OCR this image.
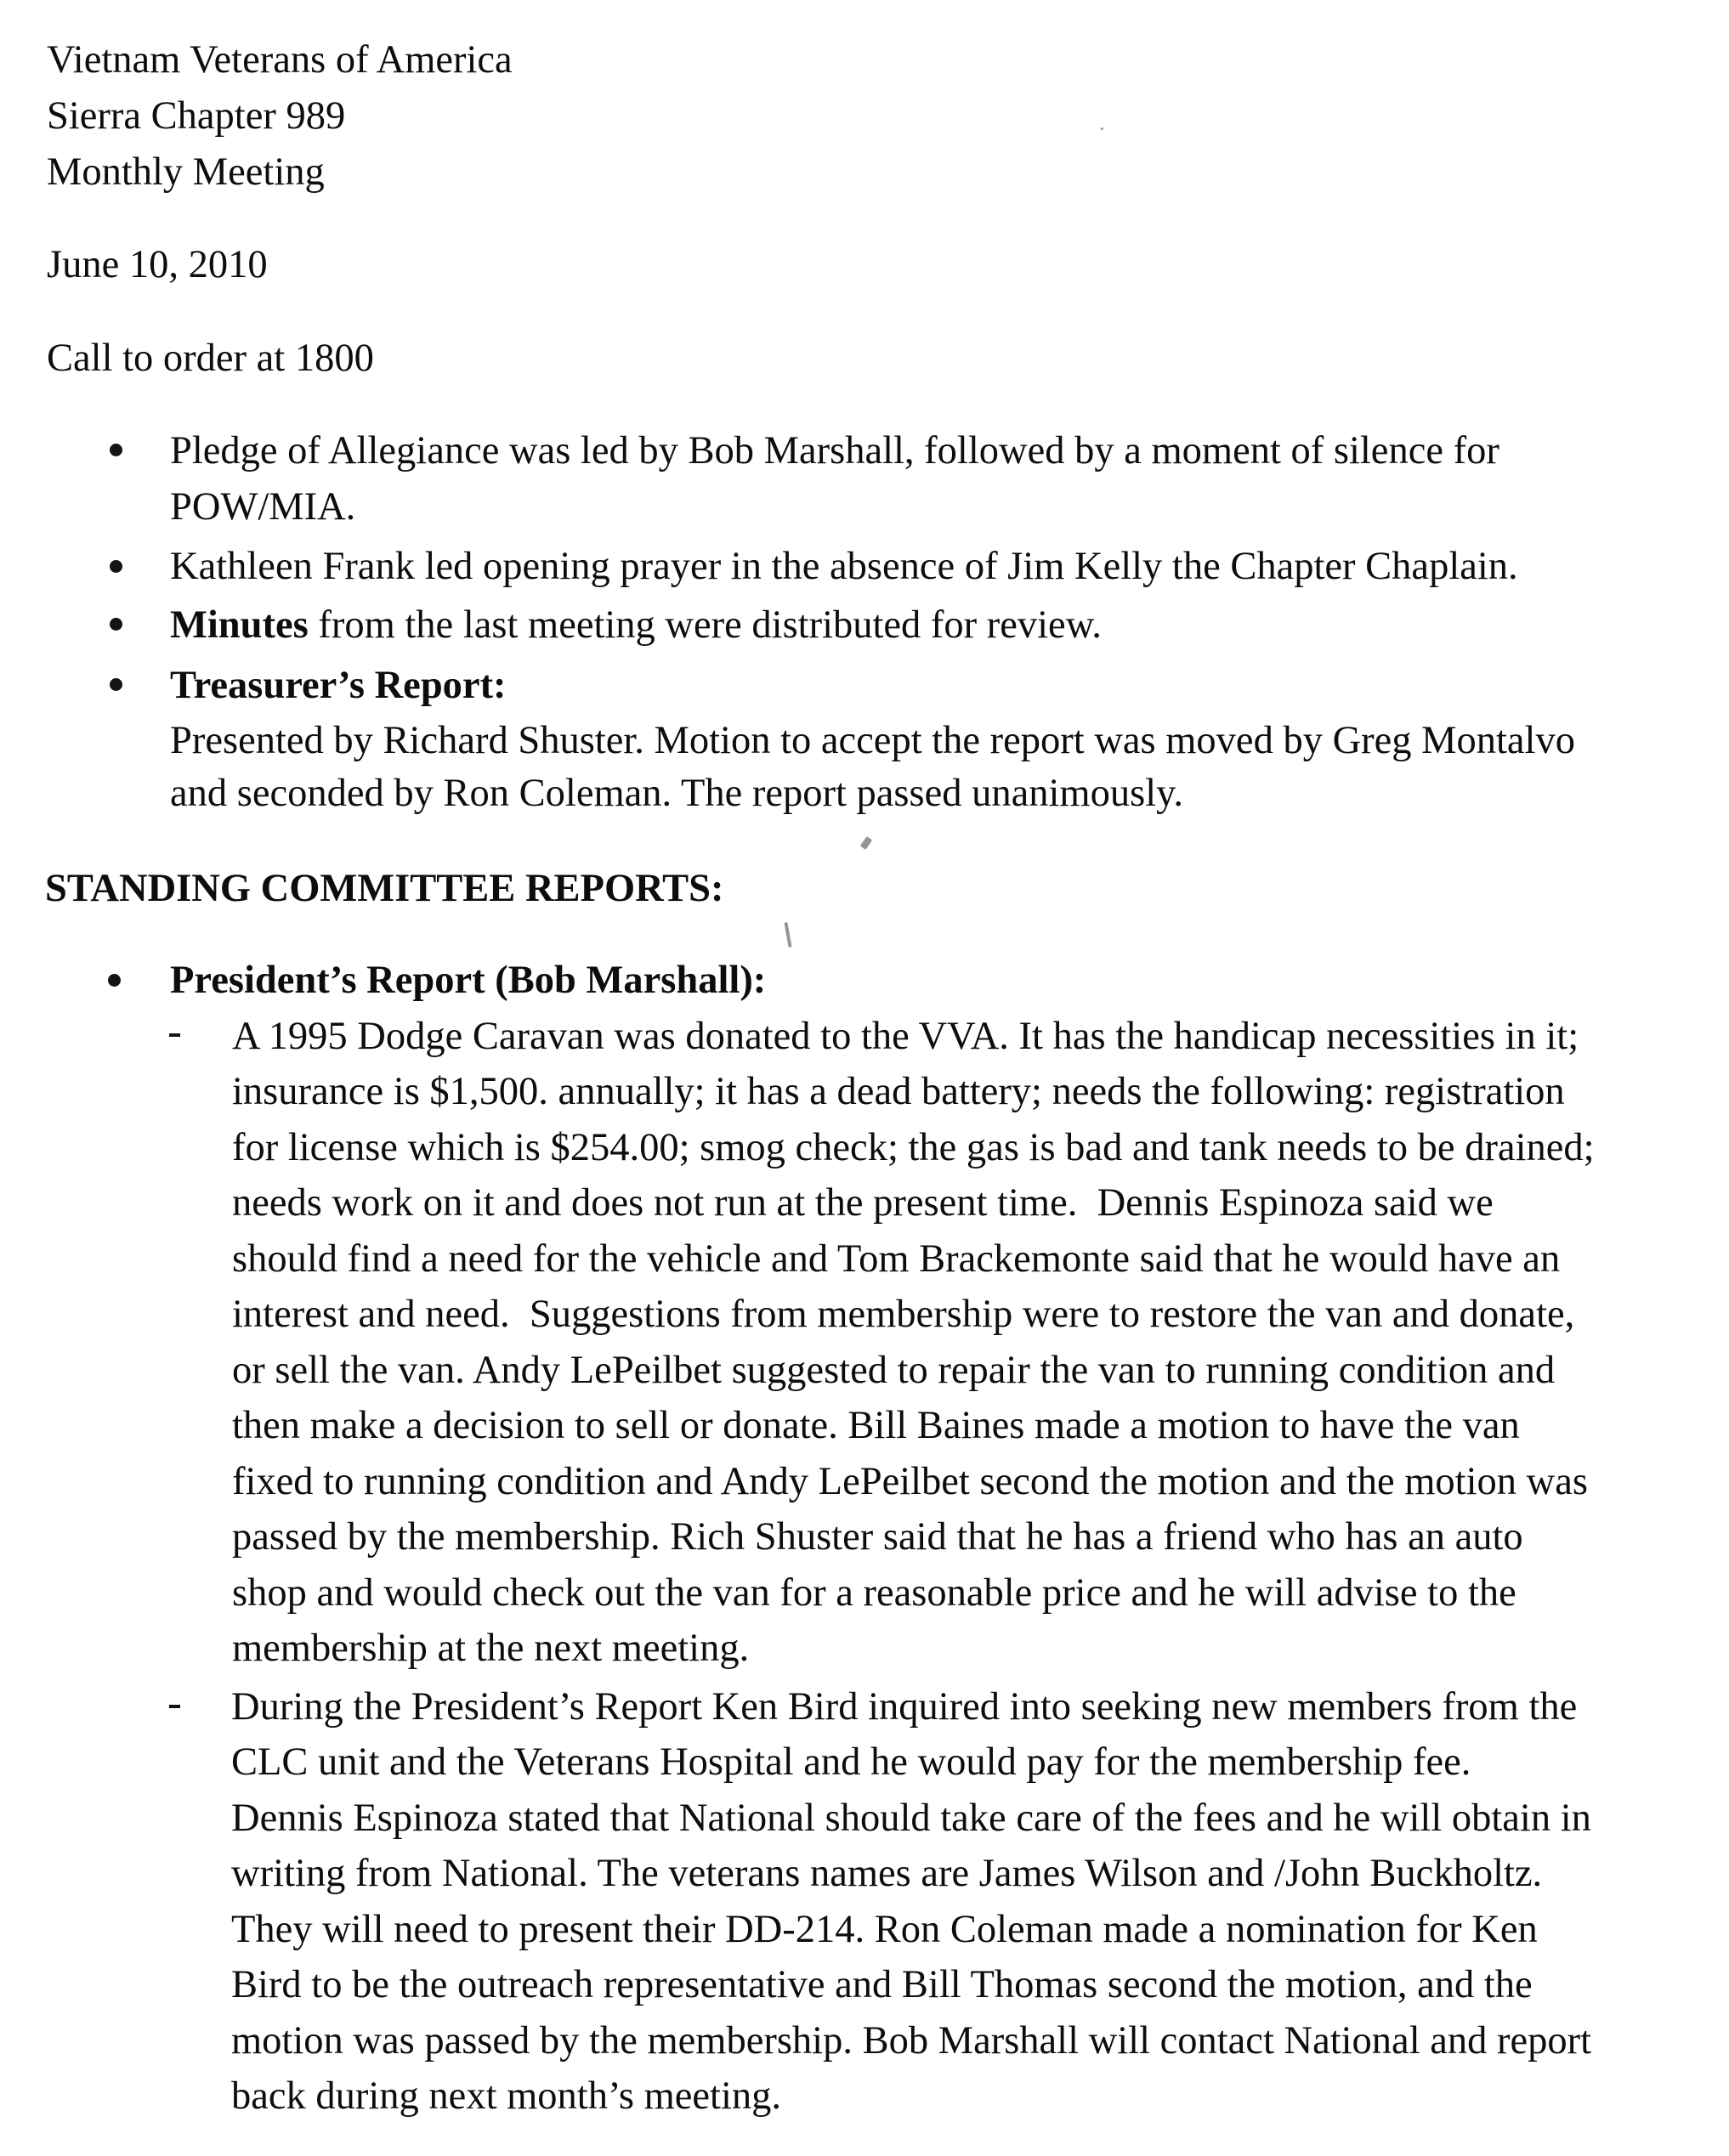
Vietnam Veterans of America
Sierra Chapter 989
Monthly Meeting
June 10, 2010
Call to order at 1800
Pledge of Allegiance was led by Bob Marshall, followed by a moment of silence for
POW/MIA.
Kathleen Frank led opening prayer in the absence of Jim Kelly the Chapter Chaplain.
Minutes from the last meeting were distributed for review.
Treasurer’s Report:
Presented by Richard Shuster. Motion to accept the report was moved by Greg Montalvo
and seconded by Ron Coleman. The report passed unanimously.
STANDING COMMITTEE REPORTS:
President’s Report (Bob Marshall):
A 1995 Dodge Caravan was donated to the VVA. It has the handicap necessities in it;
insurance is $1,500. annually; it has a dead battery; needs the following: registration
for license which is $254.00; smog check; the gas is bad and tank needs to be drained;
needs work on it and does not run at the present time.  Dennis Espinoza said we
should find a need for the vehicle and Tom Brackemonte said that he would have an
interest and need.  Suggestions from membership were to restore the van and donate,
or sell the van. Andy LePeilbet suggested to repair the van to running condition and
then make a decision to sell or donate. Bill Baines made a motion to have the van
fixed to running condition and Andy LePeilbet second the motion and the motion was
passed by the membership. Rich Shuster said that he has a friend who has an auto
shop and would check out the van for a reasonable price and he will advise to the
membership at the next meeting.
During the President’s Report Ken Bird inquired into seeking new members from the
CLC unit and the Veterans Hospital and he would pay for the membership fee.
Dennis Espinoza stated that National should take care of the fees and he will obtain in
writing from National. The veterans names are James Wilson and /John Buckholtz.
They will need to present their DD-214. Ron Coleman made a nomination for Ken
Bird to be the outreach representative and Bill Thomas second the motion, and the
motion was passed by the membership. Bob Marshall will contact National and report
back during next month’s meeting.
